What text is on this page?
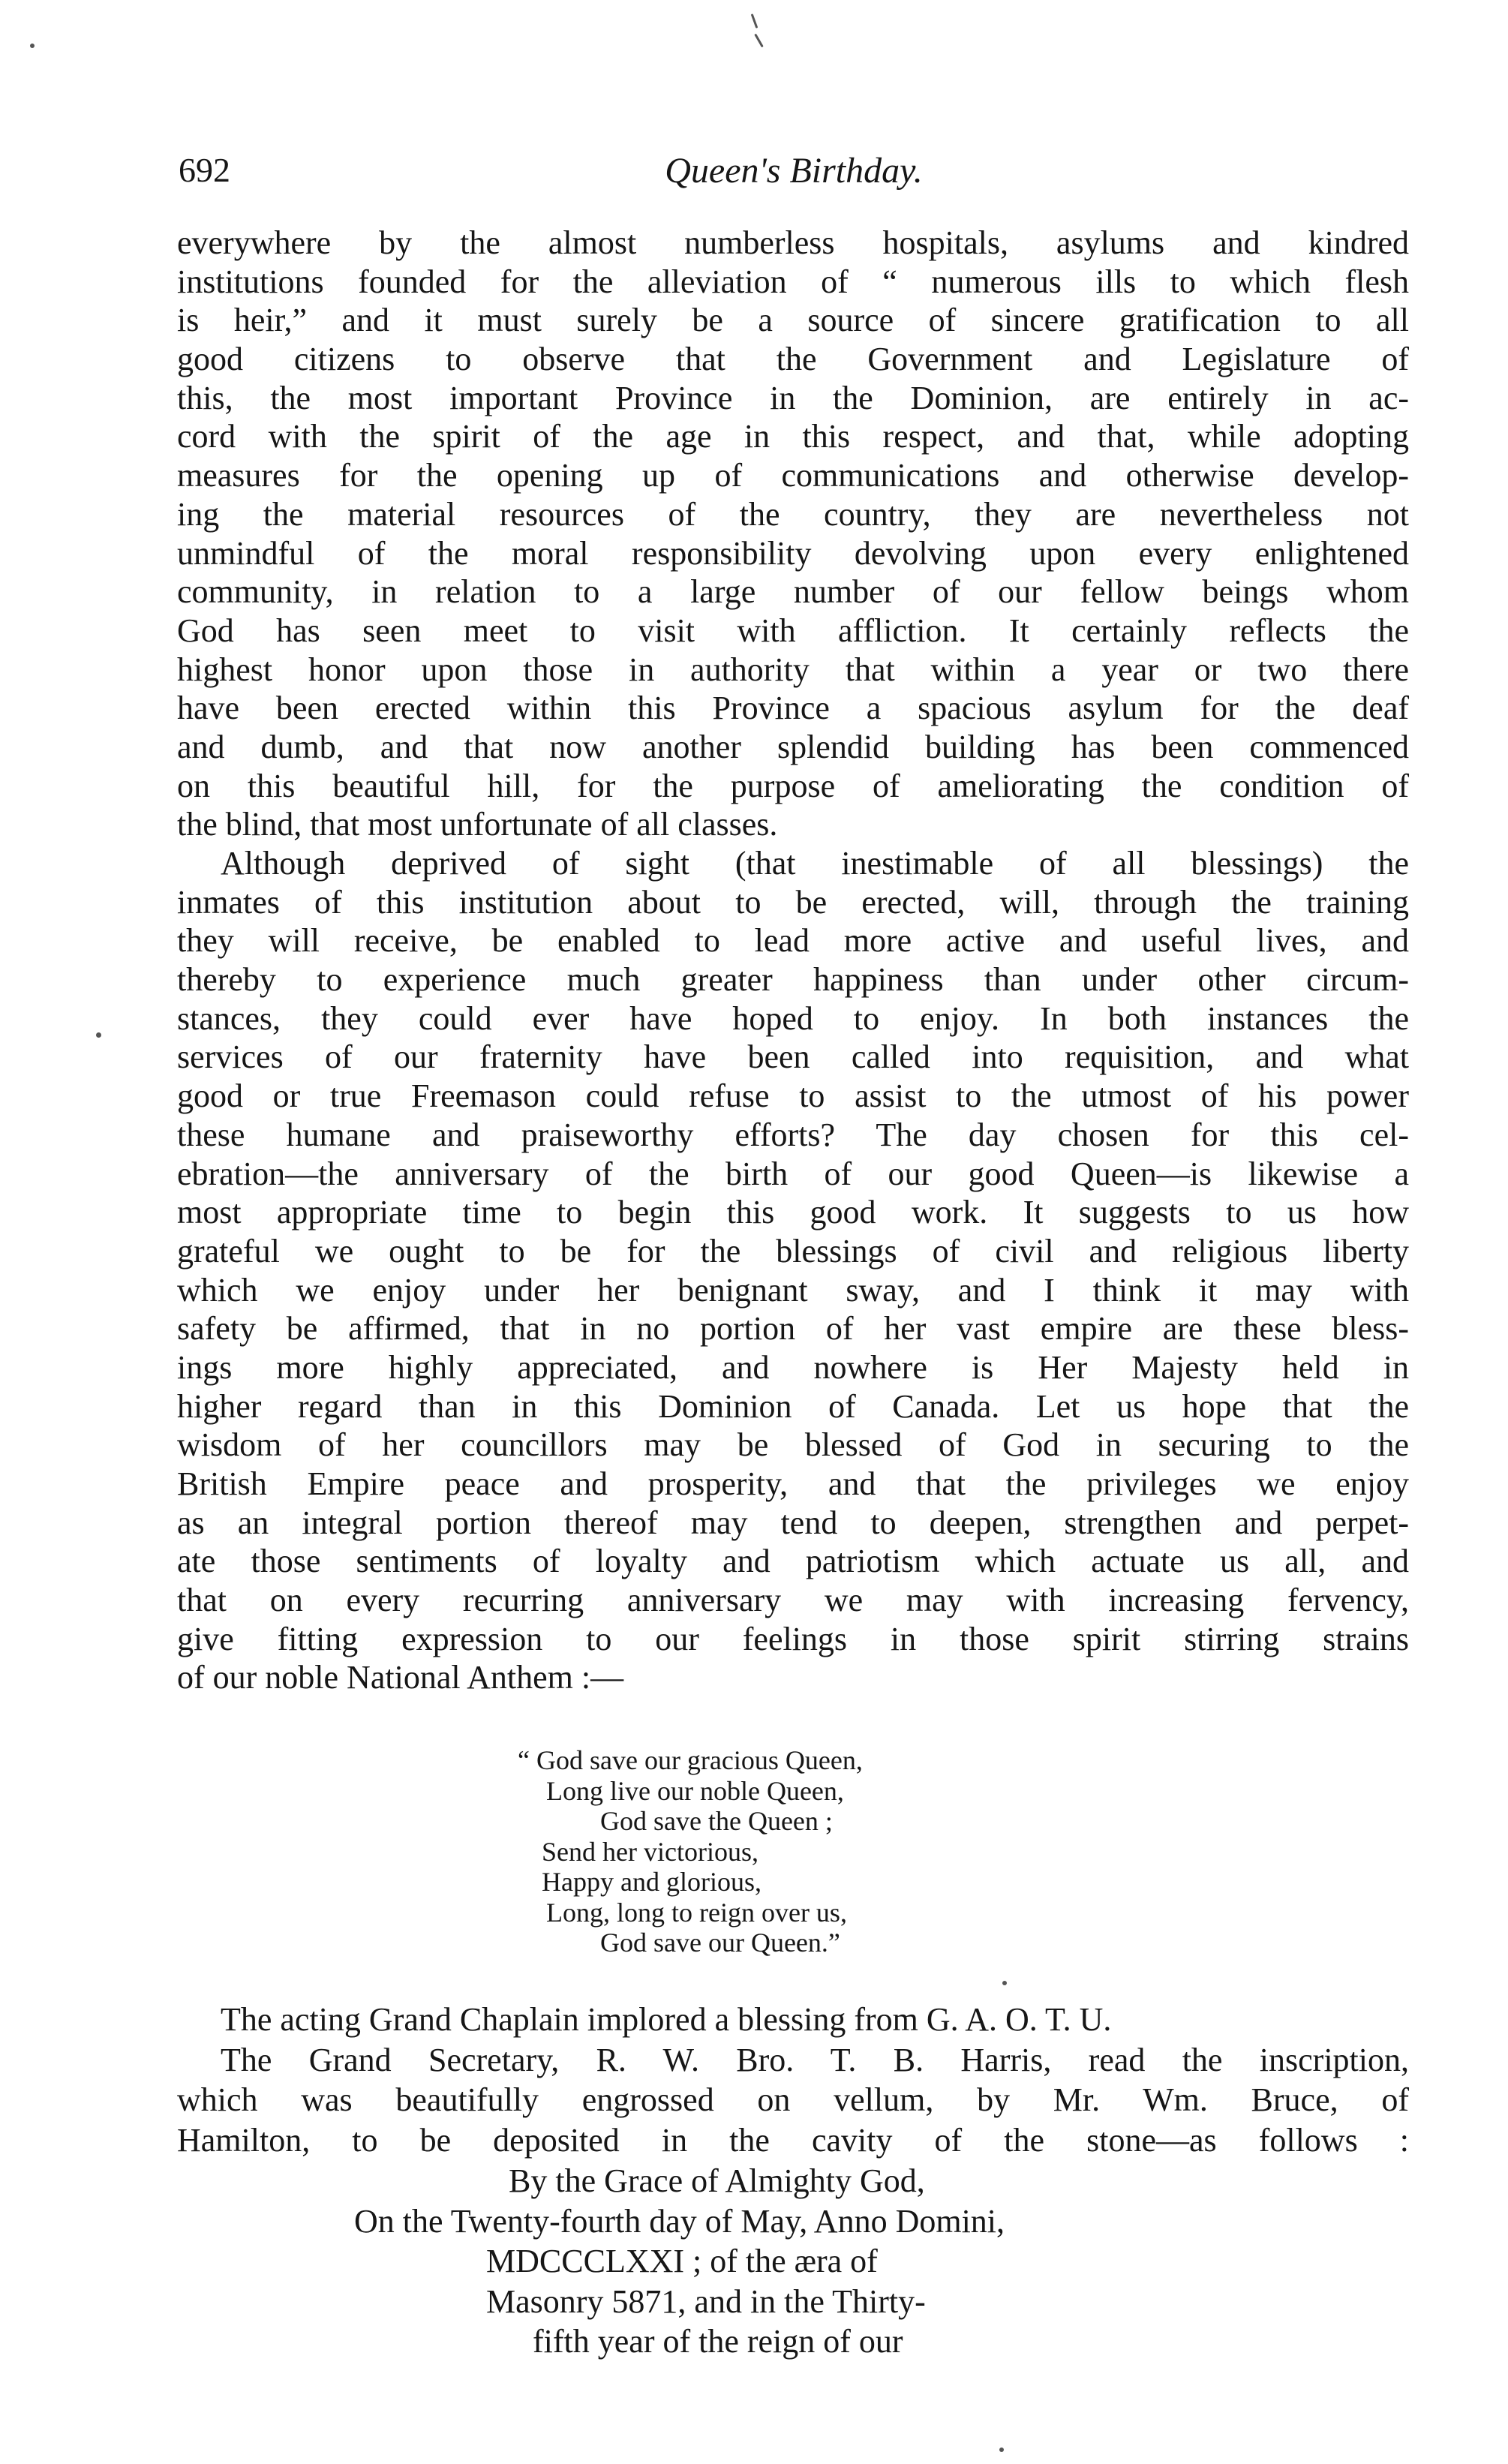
692	Queen's Birthday.
everywhere by the almost numberless hospitals, asylums and kindred
institutions founded for the alleviation of “ numerous ills to which flesh
is heir,” and it must surely be a source of sincere gratification to all
good citizens to observe that the Government and Legislature of
this, the most important Province in the Dominion, are entirely in ac-
cord with the spirit of the age in this respect, and that, while adopting
measures for the opening up of communications and otherwise develop-
ing the material resources of the country, they are nevertheless not
unmindful of the moral responsibility devolving upon every enlightened
community, in relation to a large number of our fellow beings whom
God has seen meet to visit with affliction. It certainly reflects the
highest honor upon those in authority that within a year or two there
have been erected within this Province a spacious asylum for the deaf
and dumb, and that now another splendid building has been commenced
on this beautiful hill, for the purpose of ameliorating the condition of
the blind, that most unfortunate of all classes.
Although deprived of sight (that inestimable of all blessings) the
inmates of this institution about to be erected, will, through the training
they will receive, be enabled to lead more active and useful lives, and
thereby to experience much greater happiness than under other circum-
stances, they could ever have hoped to enjoy. In both instances the
services of our fraternity have been called into requisition, and what
good or true Freemason could refuse to assist to the utmost of his power
these humane and praiseworthy efforts? The day chosen for this cel-
ebration—the anniversary of the birth of our good Queen—is likewise a
most appropriate time to begin this good work. It suggests to us how
grateful we ought to be for the blessings of civil and religious liberty
which we enjoy under her benignant sway, and I think it may with
safety be affirmed, that in no portion of her vast empire are these bless-
ings more highly appreciated, and nowhere is Her Majesty held in
higher regard than in this Dominion of Canada. Let us hope that the
wisdom of her councillors may be blessed of God in securing to the
British Empire peace and prosperity, and that the privileges we enjoy
as an integral portion thereof may tend to deepen, strengthen and perpet-
ate those sentiments of loyalty and patriotism which actuate us all, and
that on every recurring anniversary we may with increasing fervency,
give fitting expression to our feelings in those spirit stirring strains
of our noble National Anthem :—
“ God save our gracious Queen,
Long live our noble Queen,
God save the Queen ;
Send her victorious,
Happy and glorious,
Long, long to reign over us,
God save our Queen.”
The acting Grand Chaplain implored a blessing from G. A. O. T. U.
The Grand Secretary, R. W. Bro. T. B. Harris, read the inscription,
which was beautifully engrossed on vellum, by Mr. Wm. Bruce, of
Hamilton, to be deposited in the cavity of the stone—as follows :
By the Grace of Almighty God,
On the Twenty-fourth day of May, Anno Domini,
MDCCCLXXI ; of the æra of
Masonry 5871, and in the Thirty-
fifth year of the reign of our
